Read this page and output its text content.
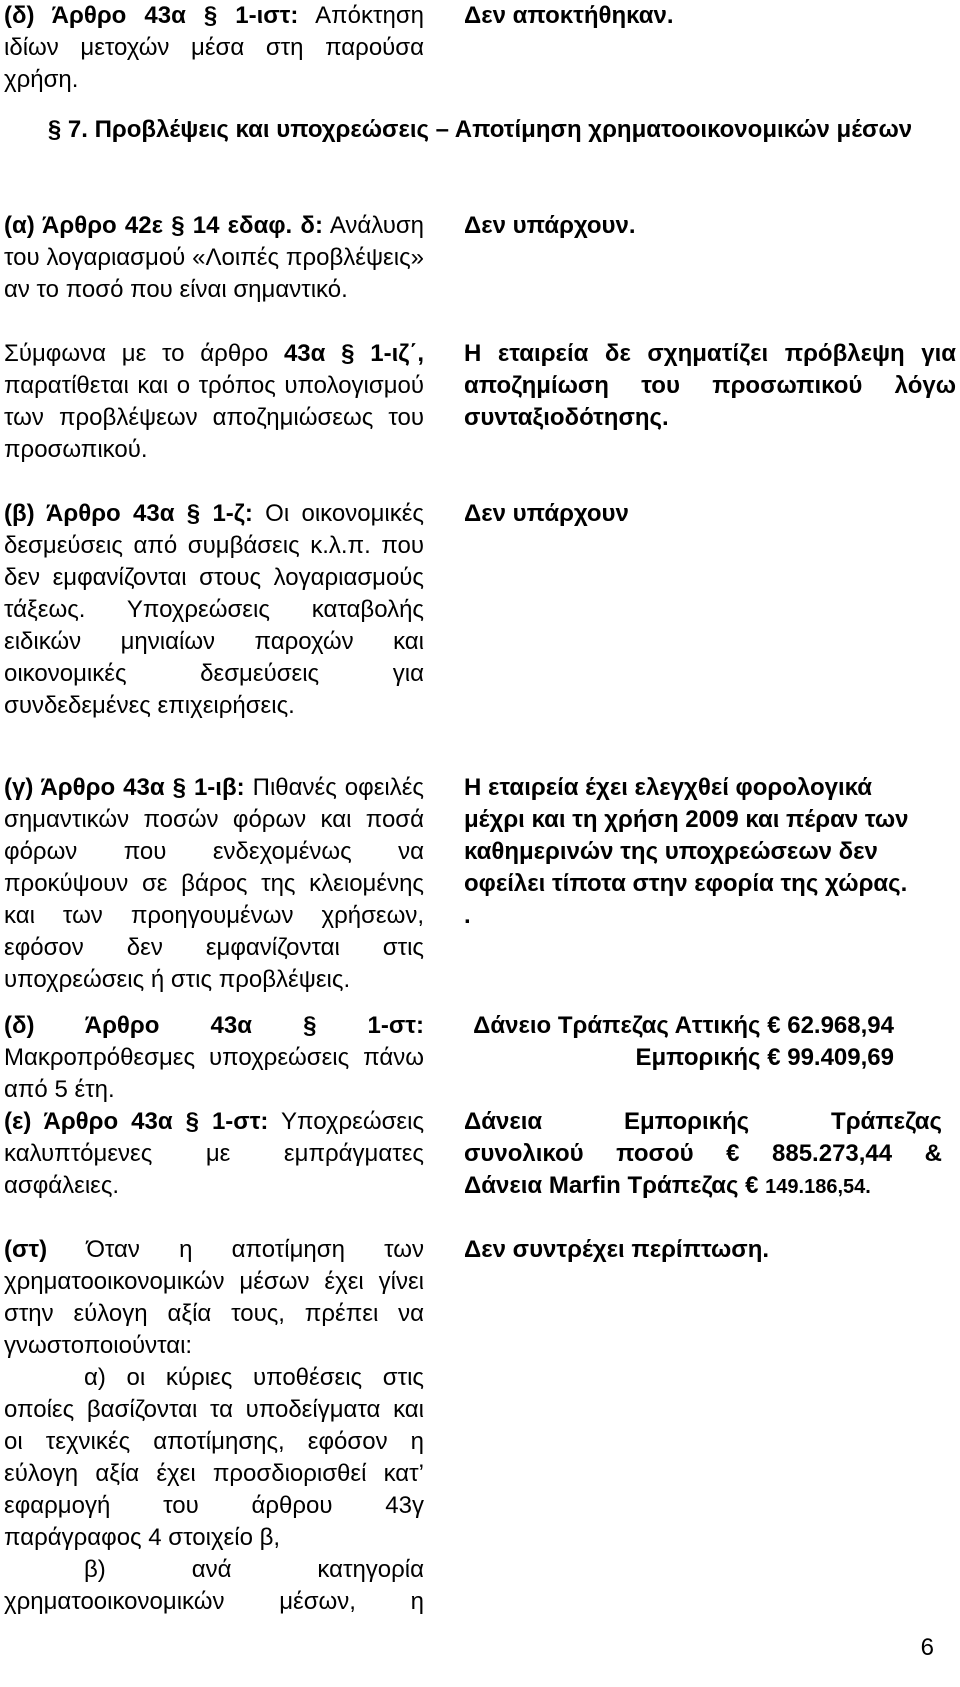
(δ) Άρθρο 43α § 1-ιστ: Απόκτηση ιδίων μετοχών μέσα στη παρούσα χρήση.
Δεν αποκτήθηκαν.
§ 7. Προβλέψεις και υποχρεώσεις – Αποτίμηση χρηματοοικονομικών μέσων
(α) Άρθρο 42ε § 14 εδαφ. δ: Ανάλυση του λογαριασμού «Λοιπές προβλέψεις» αν το ποσό που είναι σημαντικό.
Δεν υπάρχουν.
Σύμφωνα με το άρθρο 43α § 1-ιζ΄, παρατίθεται και ο τρόπος υπολογισμού των προβλέψεων αποζημιώσεως του προσωπικού.
Η εταιρεία δε σχηματίζει πρόβλεψη για αποζημίωση του προσωπικού λόγω συνταξιοδότησης.
(β) Άρθρο 43α § 1-ζ: Οι οικονομικές δεσμεύσεις από συμβάσεις κ.λ.π. που δεν εμφανίζονται στους λογαριασμούς τάξεως. Υποχρεώσεις καταβολής ειδικών μηνιαίων παροχών και οικονομικές δεσμεύσεις για συνδεδεμένες επιχειρήσεις.
Δεν υπάρχουν
(γ) Άρθρο 43α § 1-ιβ: Πιθανές οφειλές σημαντικών ποσών φόρων και ποσά φόρων που ενδεχομένως να προκύψουν σε βάρος της κλειομένης και των προηγουμένων χρήσεων, εφόσον δεν εμφανίζονται στις υποχρεώσεις ή στις προβλέψεις.
Η εταιρεία έχει ελεγχθεί φορολογικά μέχρι και τη χρήση 2009 και πέραν των καθημερινών της υποχρεώσεων δεν οφείλει τίποτα στην εφορία της χώρας.
.
(δ) Άρθρο 43α § 1-στ: Μακροπρόθεσμες υποχρεώσεις πάνω από 5 έτη.
Δάνειο Τράπεζας Αττικής € 62.968,94
Εμπορικής € 99.409,69
(ε) Άρθρο 43α § 1-στ: Υποχρεώσεις καλυπτόμενες με εμπράγματες ασφάλειες.
Δάνεια Εμπορικής Τράπεζας
συνολικού ποσού € 885.273,44 &
Δάνεια Marfin Τράπεζας € 149.186,54.
(στ) Όταν η αποτίμηση των χρηματοοικονομικών μέσων έχει γίνει στην εύλογη αξία τους, πρέπει να γνωστοποιούνται:
α) οι κύριες υποθέσεις στις οποίες βασίζονται τα υποδείγματα και οι τεχνικές αποτίμησης, εφόσον η εύλογη αξία έχει προσδιορισθεί κατ’ εφαρμογή του άρθρου 43γ παράγραφος 4 στοιχείο β,
β) ανά κατηγορία χρηματοοικονομικών μέσων, η
Δεν συντρέχει περίπτωση.
6
